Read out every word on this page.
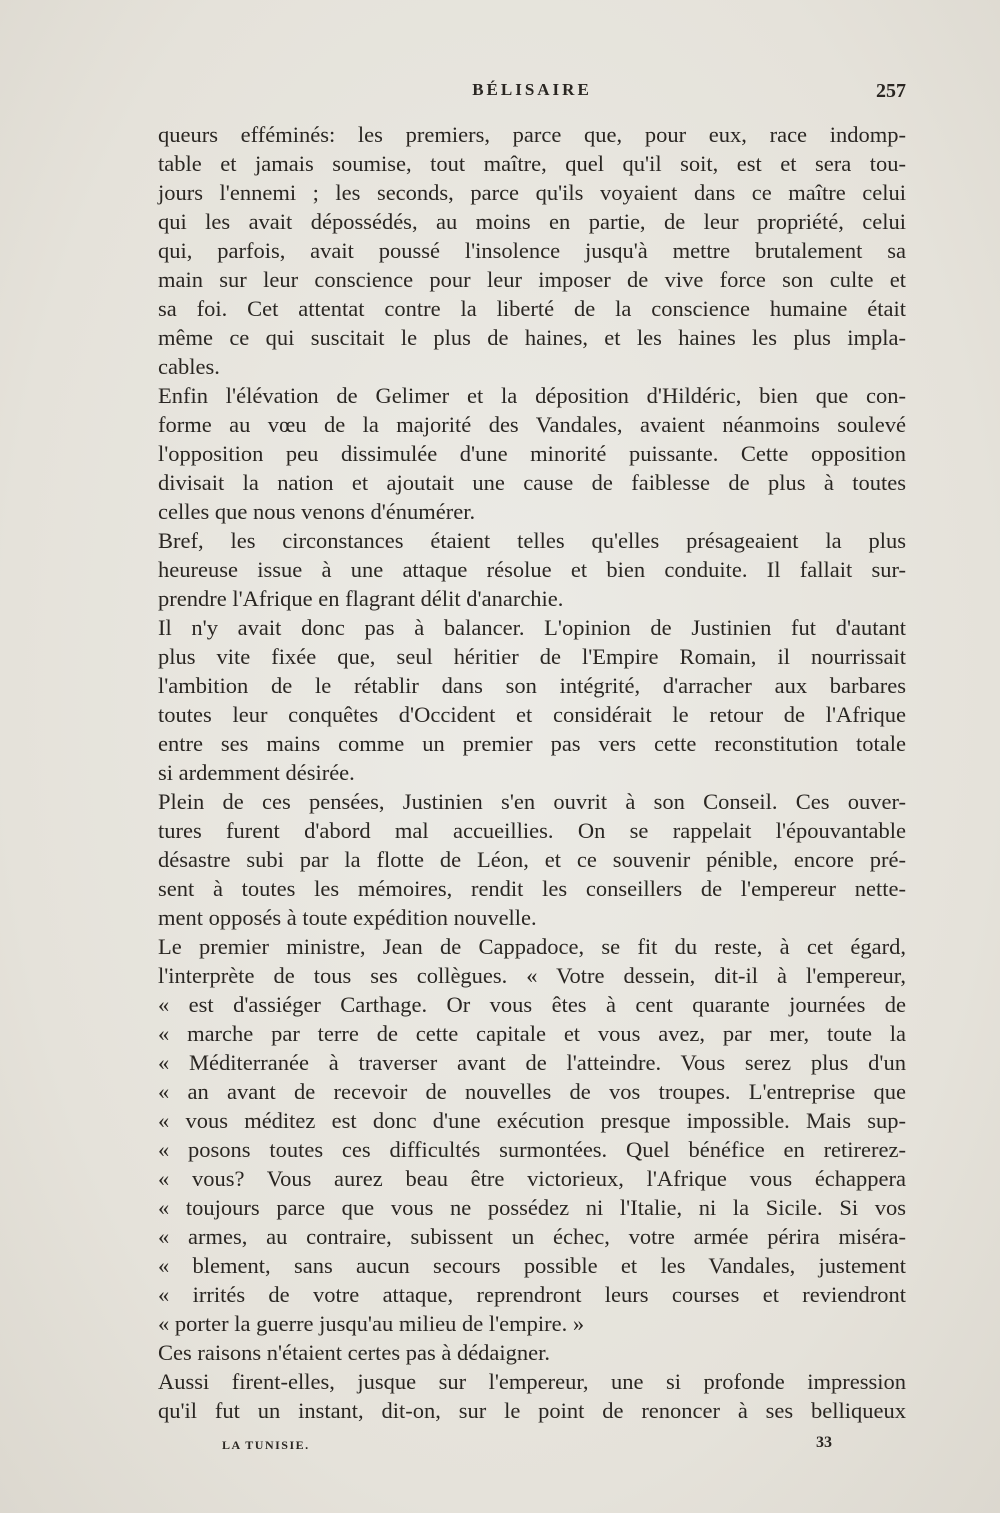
BÉLISAIRE	257
queurs efféminés: les premiers, parce que, pour eux, race indomp-
table et jamais soumise, tout maître, quel qu'il soit, est et sera tou-
jours l'ennemi ; les seconds, parce qu'ils voyaient dans ce maître celui
qui les avait dépossédés, au moins en partie, de leur propriété, celui
qui, parfois, avait poussé l'insolence jusqu'à mettre brutalement sa
main sur leur conscience pour leur imposer de vive force son culte et
sa foi. Cet attentat contre la liberté de la conscience humaine était
même ce qui suscitait le plus de haines, et les haines les plus impla-
cables.
Enfin l'élévation de Gelimer et la déposition d'Hildéric, bien que con-
forme au vœu de la majorité des Vandales, avaient néanmoins soulevé
l'opposition peu dissimulée d'une minorité puissante. Cette opposition
divisait la nation et ajoutait une cause de faiblesse de plus à toutes
celles que nous venons d'énumérer.
Bref, les circonstances étaient telles qu'elles présageaient la plus
heureuse issue à une attaque résolue et bien conduite. Il fallait sur-
prendre l'Afrique en flagrant délit d'anarchie.
Il n'y avait donc pas à balancer. L'opinion de Justinien fut d'autant
plus vite fixée que, seul héritier de l'Empire Romain, il nourrissait
l'ambition de le rétablir dans son intégrité, d'arracher aux barbares
toutes leur conquêtes d'Occident et considérait le retour de l'Afrique
entre ses mains comme un premier pas vers cette reconstitution totale
si ardemment désirée.
Plein de ces pensées, Justinien s'en ouvrit à son Conseil. Ces ouver-
tures furent d'abord mal accueillies. On se rappelait l'épouvantable
désastre subi par la flotte de Léon, et ce souvenir pénible, encore pré-
sent à toutes les mémoires, rendit les conseillers de l'empereur nette-
ment opposés à toute expédition nouvelle.
Le premier ministre, Jean de Cappadoce, se fit du reste, à cet égard,
l'interprète de tous ses collègues. « Votre dessein, dit-il à l'empereur,
« est d'assiéger Carthage. Or vous êtes à cent quarante journées de
« marche par terre de cette capitale et vous avez, par mer, toute la
« Méditerranée à traverser avant de l'atteindre. Vous serez plus d'un
« an avant de recevoir de nouvelles de vos troupes. L'entreprise que
« vous méditez est donc d'une exécution presque impossible. Mais sup-
« posons toutes ces difficultés surmontées. Quel bénéfice en retirerez-
« vous? Vous aurez beau être victorieux, l'Afrique vous échappera
« toujours parce que vous ne possédez ni l'Italie, ni la Sicile. Si vos
« armes, au contraire, subissent un échec, votre armée périra miséra-
« blement, sans aucun secours possible et les Vandales, justement
« irrités de votre attaque, reprendront leurs courses et reviendront
« porter la guerre jusqu'au milieu de l'empire. »
Ces raisons n'étaient certes pas à dédaigner.
Aussi firent-elles, jusque sur l'empereur, une si profonde impression
qu'il fut un instant, dit-on, sur le point de renoncer à ses belliqueux
LA TUNISIE.	33
